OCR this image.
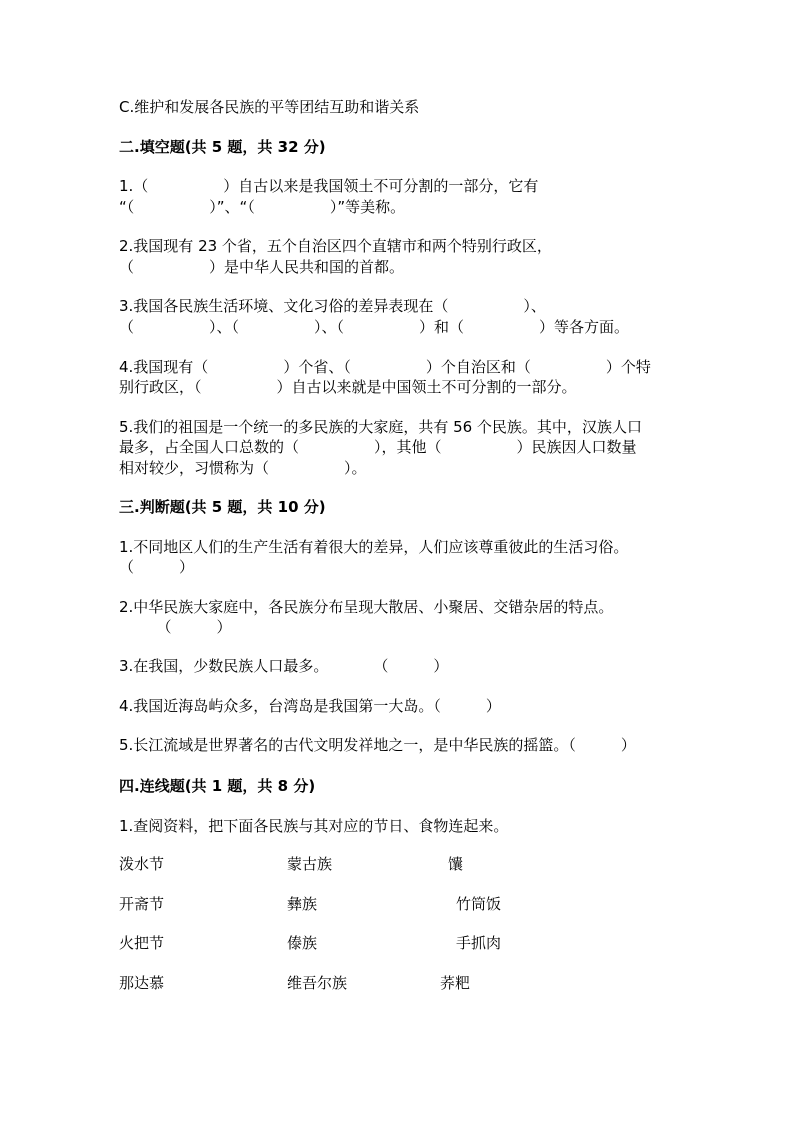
C.维护和发展各民族的平等团结互助和谐关系
二.填空题(共 5 题，共 32 分)
1.（　　　　　）自古以来是我国领土不可分割的一部分，它有
“（　　　　　）”、“（　　　　　）”等美称。
2.我国现有 23 个省，五个自治区四个直辖市和两个特别行政区，
（　　　　　）是中华人民共和国的首都。
3.我国各民族生活环境、文化习俗的差异表现在（　　　　　）、
（　　　　　）、（　　　　　）、（　　　　　）和（　　　　　）等各方面。
4.我国现有（　　　　　）个省、（　　　　　）个自治区和（　　　　　）个特
别行政区，（　　　　　）自古以来就是中国领土不可分割的一部分。
5.我们的祖国是一个统一的多民族的大家庭，共有 56 个民族。其中，汉族人口
最多，占全国人口总数的（　　　　　），其他（　　　　　）民族因人口数量
相对较少，习惯称为（　　　　　）。
三.判断题(共 5 题，共 10 分)
1.不同地区人们的生产生活有着很大的差异，人们应该尊重彼此的生活习俗。
（　　　）
2.中华民族大家庭中，各民族分布呈现大散居、小聚居、交错杂居的特点。
　　　（　　　）
3.在我国，少数民族人口最多。　　　　（　　　）
4.我国近海岛屿众多，台湾岛是我国第一大岛。（　　　）
5.长江流域是世界著名的古代文明发祥地之一，是中华民族的摇篮。（　　　）
四.连线题(共 1 题，共 8 分)
1.查阅资料，把下面各民族与其对应的节日、食物连起来。
泼水节	蒙古族	馕
开斋节	彝族	竹筒饭
火把节	傣族	手抓肉
那达慕	维吾尔族	荞粑
